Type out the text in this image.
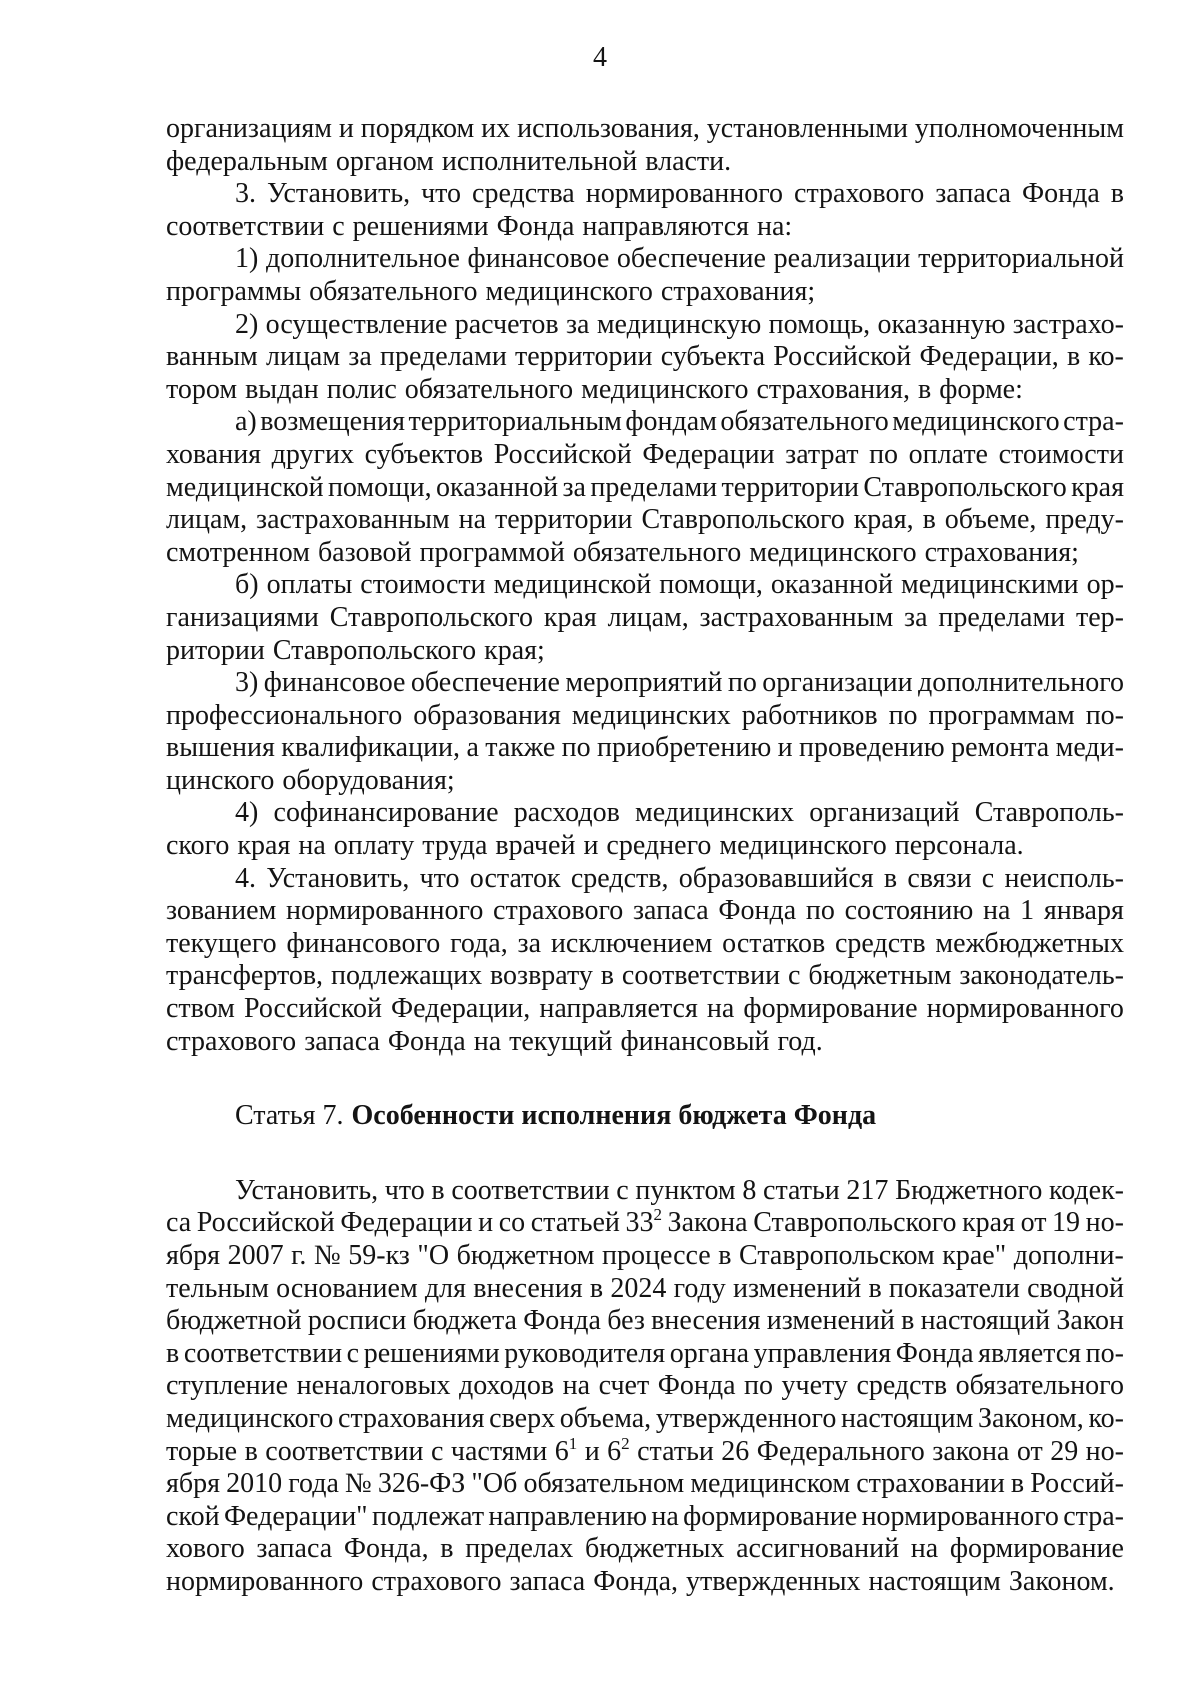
4
организациям и порядком их использования, установленными уполномоченным
федеральным органом исполнительной власти.
3. Установить, что средства нормированного страхового запаса Фонда в
соответствии с решениями Фонда направляются на:
1) дополнительное финансовое обеспечение реализации территориальной
программы обязательного медицинского страхования;
2) осуществление расчетов за медицинскую помощь, оказанную застрахо-
ванным лицам за пределами территории субъекта Российской Федерации, в ко-
тором выдан полис обязательного медицинского страхования, в форме:
а) возмещения территориальным фондам обязательного медицинского стра-
хования других субъектов Российской Федерации затрат по оплате стоимости
медицинской помощи, оказанной за пределами территории Ставропольского края
лицам, застрахованным на территории Ставропольского края, в объеме, преду-
смотренном базовой программой обязательного медицинского страхования;
б) оплаты стоимости медицинской помощи, оказанной медицинскими ор-
ганизациями Ставропольского края лицам, застрахованным за пределами тер-
ритории Ставропольского края;
3) финансовое обеспечение мероприятий по организации дополнительного
профессионального образования медицинских работников по программам по-
вышения квалификации, а также по приобретению и проведению ремонта меди-
цинского оборудования;
4) софинансирование расходов медицинских организаций Ставрополь-
ского края на оплату труда врачей и среднего медицинского персонала.
4. Установить, что остаток средств, образовавшийся в связи с неисполь-
зованием нормированного страхового запаса Фонда по состоянию на 1 января
текущего финансового года, за исключением остатков средств межбюджетных
трансфертов, подлежащих возврату в соответствии с бюджетным законодатель-
ством Российской Федерации, направляется на формирование нормированного
страхового запаса Фонда на текущий финансовый год.
Статья 7. Особенности исполнения бюджета Фонда
Установить, что в соответствии с пунктом 8 статьи 217 Бюджетного кодек-
са Российской Федерации и со статьей $33^2$ Закона Ставропольского края от 19 но-
ября 2007 г. № 59-кз "О бюджетном процессе в Ставропольском крае" дополни-
тельным основанием для внесения в 2024 году изменений в показатели сводной
бюджетной росписи бюджета Фонда без внесения изменений в настоящий Закон
в соответствии с решениями руководителя органа управления Фонда является по-
ступление неналоговых доходов на счет Фонда по учету средств обязательного
медицинского страхования сверх объема, утвержденного настоящим Законом, ко-
торые в соответствии с частями $6^1$ и $6^2$ статьи 26 Федерального закона от 29 но-
ября 2010 года № 326-ФЗ "Об обязательном медицинском страховании в Россий-
ской Федерации" подлежат направлению на формирование нормированного стра-
хового запаса Фонда, в пределах бюджетных ассигнований на формирование
нормированного страхового запаса Фонда, утвержденных настоящим Законом.
